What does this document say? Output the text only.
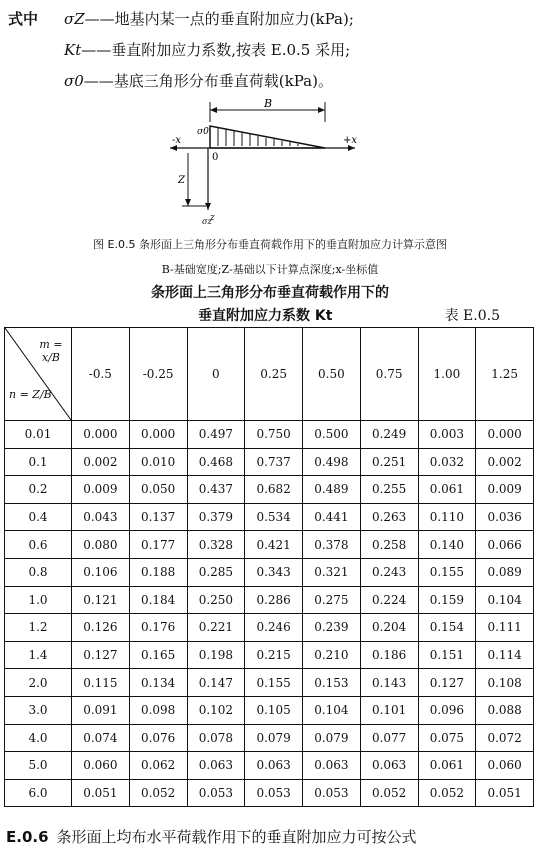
式中 σZ——地基内某一点的垂直附加应力(kPa);
Kt——垂直附加应力系数,按表 E.0.5 采用;
σ0——基底三角形分布垂直荷载(kPa)。
B
σ0
-x	+x
0
z
Z
σz
图 E.0.5 条形面上三角形分布垂直荷载作用下的垂直附加应力计算示意图
B-基础宽度;Z-基础以下计算点深度;x-坐标值
条形面上三角形分布垂直荷载作用下的
垂直附加应力系数 Kt	表 E.0.5
m = x/B
n = Z/B	-0.5	-0.25	0	0.25	0.50	0.75	1.00	1.25
0.01	0.000	0.000	0.497	0.750	0.500	0.249	0.003	0.000
0.1	0.002	0.010	0.468	0.737	0.498	0.251	0.032	0.002
0.2	0.009	0.050	0.437	0.682	0.489	0.255	0.061	0.009
0.4	0.043	0.137	0.379	0.534	0.441	0.263	0.110	0.036
0.6	0.080	0.177	0.328	0.421	0.378	0.258	0.140	0.066
0.8	0.106	0.188	0.285	0.343	0.321	0.243	0.155	0.089
1.0	0.121	0.184	0.250	0.286	0.275	0.224	0.159	0.104
1.2	0.126	0.176	0.221	0.246	0.239	0.204	0.154	0.111
1.4	0.127	0.165	0.198	0.215	0.210	0.186	0.151	0.114
2.0	0.115	0.134	0.147	0.155	0.153	0.143	0.127	0.108
3.0	0.091	0.098	0.102	0.105	0.104	0.101	0.096	0.088
4.0	0.074	0.076	0.078	0.079	0.079	0.077	0.075	0.072
5.0	0.060	0.062	0.063	0.063	0.063	0.063	0.061	0.060
6.0	0.051	0.052	0.053	0.053	0.053	0.052	0.052	0.051
E.0.6 条形面上均布水平荷载作用下的垂直附加应力可按公式
